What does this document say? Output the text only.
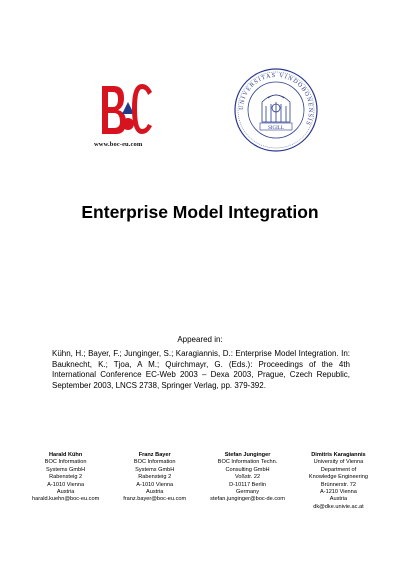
www.boc-eu.com
UNIVERSITAS VINDOBONENSIS
SIGILL
Enterprise Model Integration
Appeared in:
Kühn, H.; Bayer, F.; Junginger, S.; Karagiannis, D.: Enterprise Model Integration. In: Bauknecht, K.; Tjoa, A M.; Quirchmayr, G. (Eds.): Proceedings of the 4th International Conference EC-Web 2003 – Dexa 2003, Prague, Czech Republic, September 2003, LNCS 2738, Springer Verlag, pp. 379-392.
Harald Kühn
BOC Information
Systems GmbH
Rabensteig 2
A-1010 Vienna
Austria
harald.kuehn@boc-eu.com
Franz Bayer
BOC Information
Systems GmbH
Rabensteig 2
A-1010 Vienna
Austria
franz.bayer@boc-eu.com
Stefan Junginger
BOC Information Techn.
Consulting GmbH
Voßstr. 22
D-10117 Berlin
Germany
stefan.junginger@boc-de.com
Dimitris Karagiannis
University of Vienna
Department of
Knowledge Engineering
Brünnerstr. 72
A-1210 Vienna
Austria
dk@dke.univie.ac.at
